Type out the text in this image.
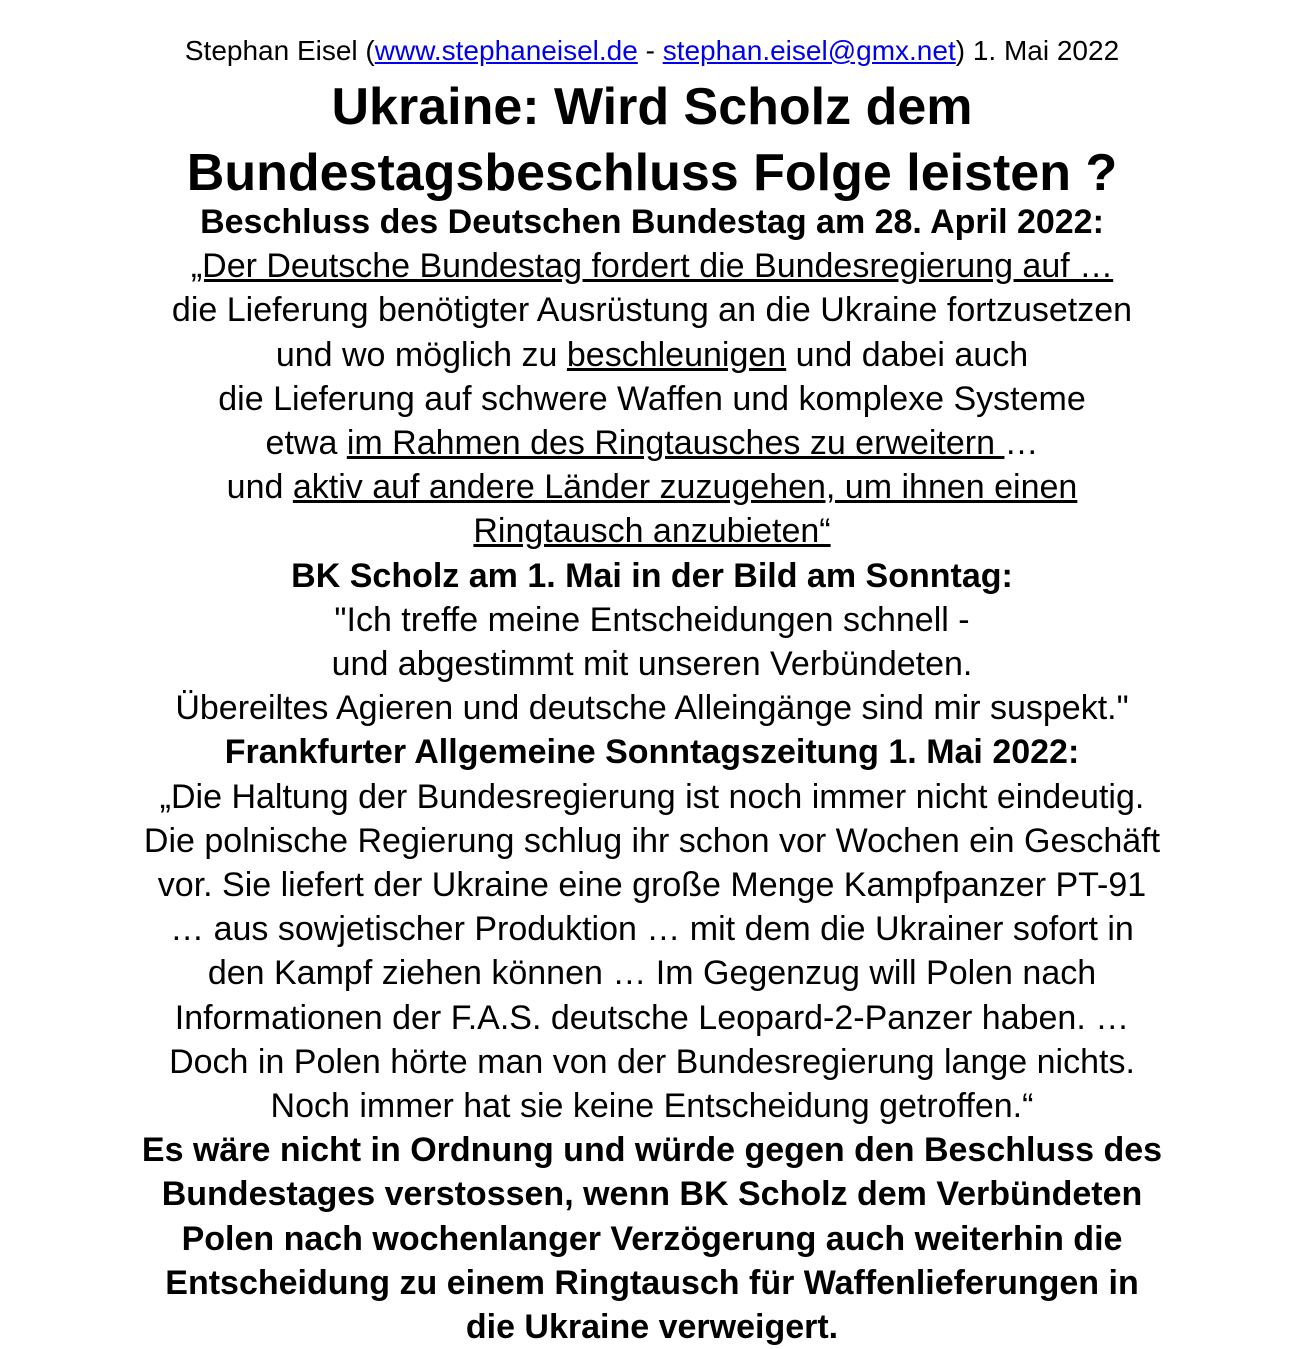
Stephan Eisel (www.stephaneisel.de - stephan.eisel@gmx.net) 1. Mai 2022
Ukraine: Wird Scholz dem
Bundestagsbeschluss Folge leisten ?
Beschluss des Deutschen Bundestag am 28. April 2022:
„Der Deutsche Bundestag fordert die Bundesregierung auf …
die Lieferung benötigter Ausrüstung an die Ukraine fortzusetzen
und wo möglich zu beschleunigen und dabei auch
die Lieferung auf schwere Waffen und komplexe Systeme
etwa im Rahmen des Ringtausches zu erweitern …
und aktiv auf andere Länder zuzugehen, um ihnen einen
Ringtausch anzubieten“
BK Scholz am 1. Mai in der Bild am Sonntag:
"Ich treffe meine Entscheidungen schnell -
und abgestimmt mit unseren Verbündeten.
Übereiltes Agieren und deutsche Alleingänge sind mir suspekt."
Frankfurter Allgemeine Sonntagszeitung 1. Mai 2022:
„Die Haltung der Bundesregierung ist noch immer nicht eindeutig.
Die polnische Regierung schlug ihr schon vor Wochen ein Geschäft
vor. Sie liefert der Ukraine eine große Menge Kampfpanzer PT-91
… aus sowjetischer Produktion … mit dem die Ukrainer sofort in
den Kampf ziehen können … Im Gegenzug will Polen nach
Informationen der F.A.S. deutsche Leopard-2-Panzer haben. …
Doch in Polen hörte man von der Bundesregierung lange nichts.
Noch immer hat sie keine Entscheidung getroffen.“
Es wäre nicht in Ordnung und würde gegen den Beschluss des
Bundestages verstossen, wenn BK Scholz dem Verbündeten
Polen nach wochenlanger Verzögerung auch weiterhin die
Entscheidung zu einem Ringtausch für Waffenlieferungen in
die Ukraine verweigert.
